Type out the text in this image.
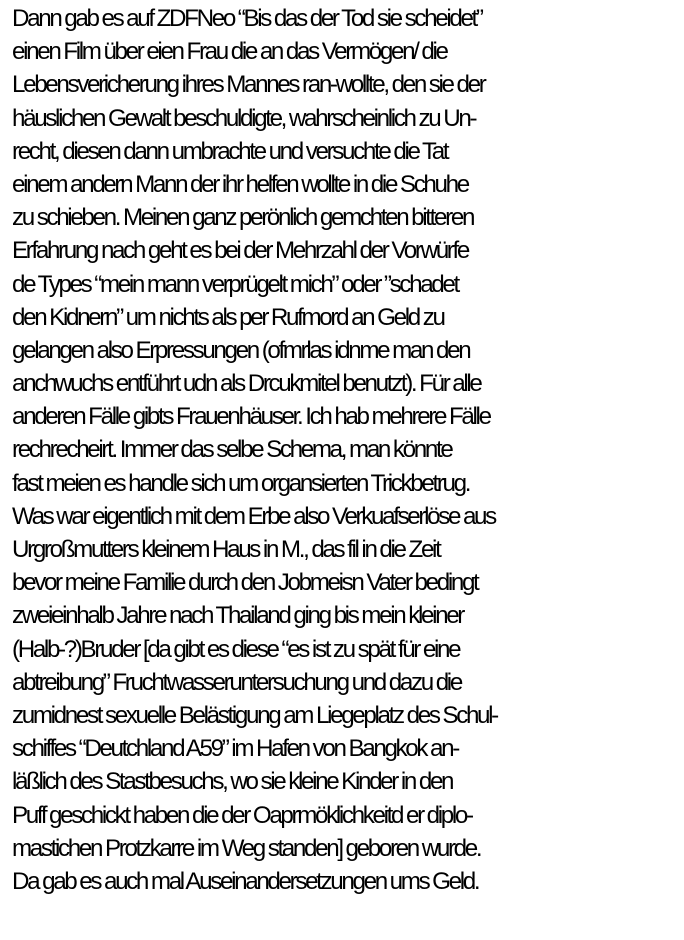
Dann gab es auf ZDFNeo “Bis das der Tod sie scheidet”
einen Film über eien Frau die an das Vermögen/ die
Lebensvericherung ihres Mannes ran-wollte, den sie der
häuslichen Gewalt beschuldigte, wahrscheinlich zu Un-
recht, diesen dann umbrachte und versuchte die Tat
einem andern Mann der ihr helfen wollte in die Schuhe
zu schieben. Meinen ganz perönlich gemchten bitteren
Erfahrung nach geht es bei der Mehrzahl der Vorwürfe
de Types “mein mann verprügelt mich” oder ”schadet
den Kidnern” um nichts als per Rufmord an Geld zu
gelangen also Erpressungen (ofmrlas idnme man den
anchwuchs entführt udn als Drcukmitel benutzt). Für alle
anderen Fälle gibts Frauenhäuser. Ich hab mehrere Fälle
rechrecheirt. Immer das selbe Schema, man könnte
fast meien es handle sich um organsierten Trickbetrug.
Was war eigentlich mit dem Erbe also Verkuafserlöse aus
Urgroßmutters kleinem Haus in M., das fil in die Zeit
bevor meine Familie durch den Jobmeisn Vater bedingt
zweieinhalb Jahre nach Thailand ging bis mein kleiner
(Halb-?)Bruder [da gibt es diese “es ist zu spät für eine
abtreibung” Fruchtwasseruntersuchung und dazu die
zumidnest sexuelle Belästigung am Liegeplatz des Schul-
schiffes “Deutchland A59” im Hafen von Bangkok an-
läßlich des Stastbesuchs, wo sie kleine Kinder in den
Puff geschickt haben die der Oaprmöklichkeitd er diplo-
mastichen Protzkarre im Weg standen] geboren wurde.
Da gab es auch mal Auseinandersetzungen ums Geld.
